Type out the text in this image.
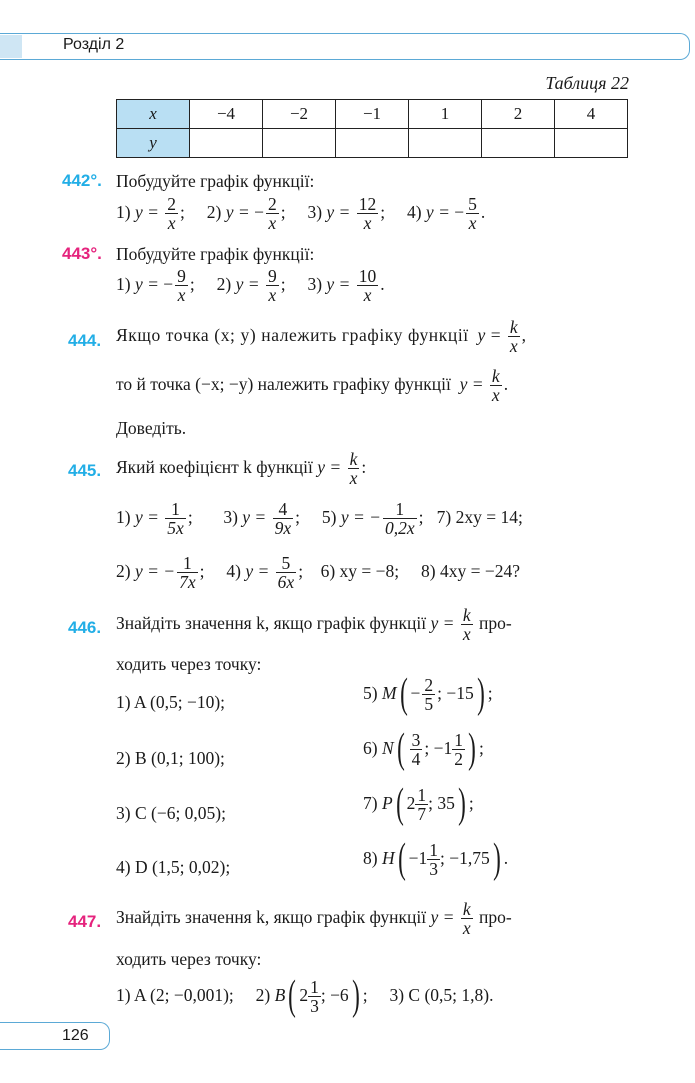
Розділ 2
Таблиця 22
x	−4	−2	−1	1	2	4
y						
442°. Побудуйте графік функції:
1) $y = \frac{2}{x}$ ; 2) y = − $\frac{2}{x}$ ; 3) $y = \frac{12}{x}$ ; 4) y = − $\frac{5}{x}$ .
443°. Побудуйте графік функції:
1) y = − $\frac{9}{x}$ ; 2) $y = \frac{9}{x}$ ; 3) $y = \frac{10}{x}$ .
444. Якщо точка (x; y) належить графіку функції $y = \frac{k}{x}$ ,
то й точка (−x; −y) належить графіку функції $y = \frac{k}{x}$ .
Доведіть.
445. Який коефіцієнт k функції $y = \frac{k}{x}$ :
1) $y = \frac{1}{5x}$ ; 3) $y = \frac{4}{9x}$ ; 5) y = − $\frac{1}{0,2x}$ ; 7) 2xy = 14;
2) y = − $\frac{1}{7x}$ ; 4) $y = \frac{5}{6x}$ ; 6) xy = −8; 8) 4xy = −24?
446. Знайдіть значення k, якщо графік функції $y = \frac{k}{x} про-$
ходить через точку:
1) A (0,5; −10);
2) B (0,1; 100);
3) C (−6; 0,05);
4) D (1,5; 0,02);
5) $M( - \frac{2}{5}$ ; −15) ;
6) $N( \frac{3}{4}$ ; $-1 \frac{1}{2}$ ) ;
7) P( $2 \frac{1}{7}$ ; 35) ;
8) $H( -1 \frac{1}{3}$ ; −1,75) .
447. Знайдіть значення k, якщо графік функції $y = \frac{k}{x} про-$
ходить через точку:
1) A (2; −0,001); 2) B( $2 \frac{1}{3}$ ; −6) ; 3) C (0,5; 1,8).
126
